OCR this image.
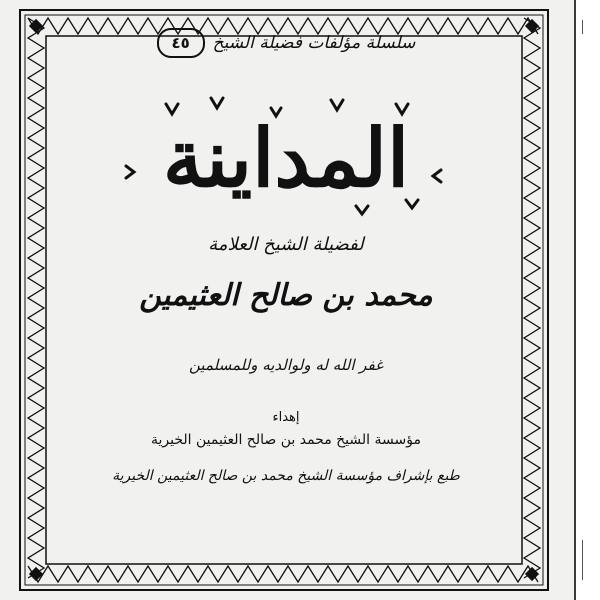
سلسلة مؤلفات فضيلة الشيخ
٤٥
المداينة
لفضيلة الشيخ العلامة
محمد بن صالح العثيمين
غفر الله له ولوالديه وللمسلمين
إهداء
مؤسسة الشيخ محمد بن صالح العثيمين الخيرية
طبع بإشراف مؤسسة الشيخ محمد بن صالح العثيمين الخيرية
